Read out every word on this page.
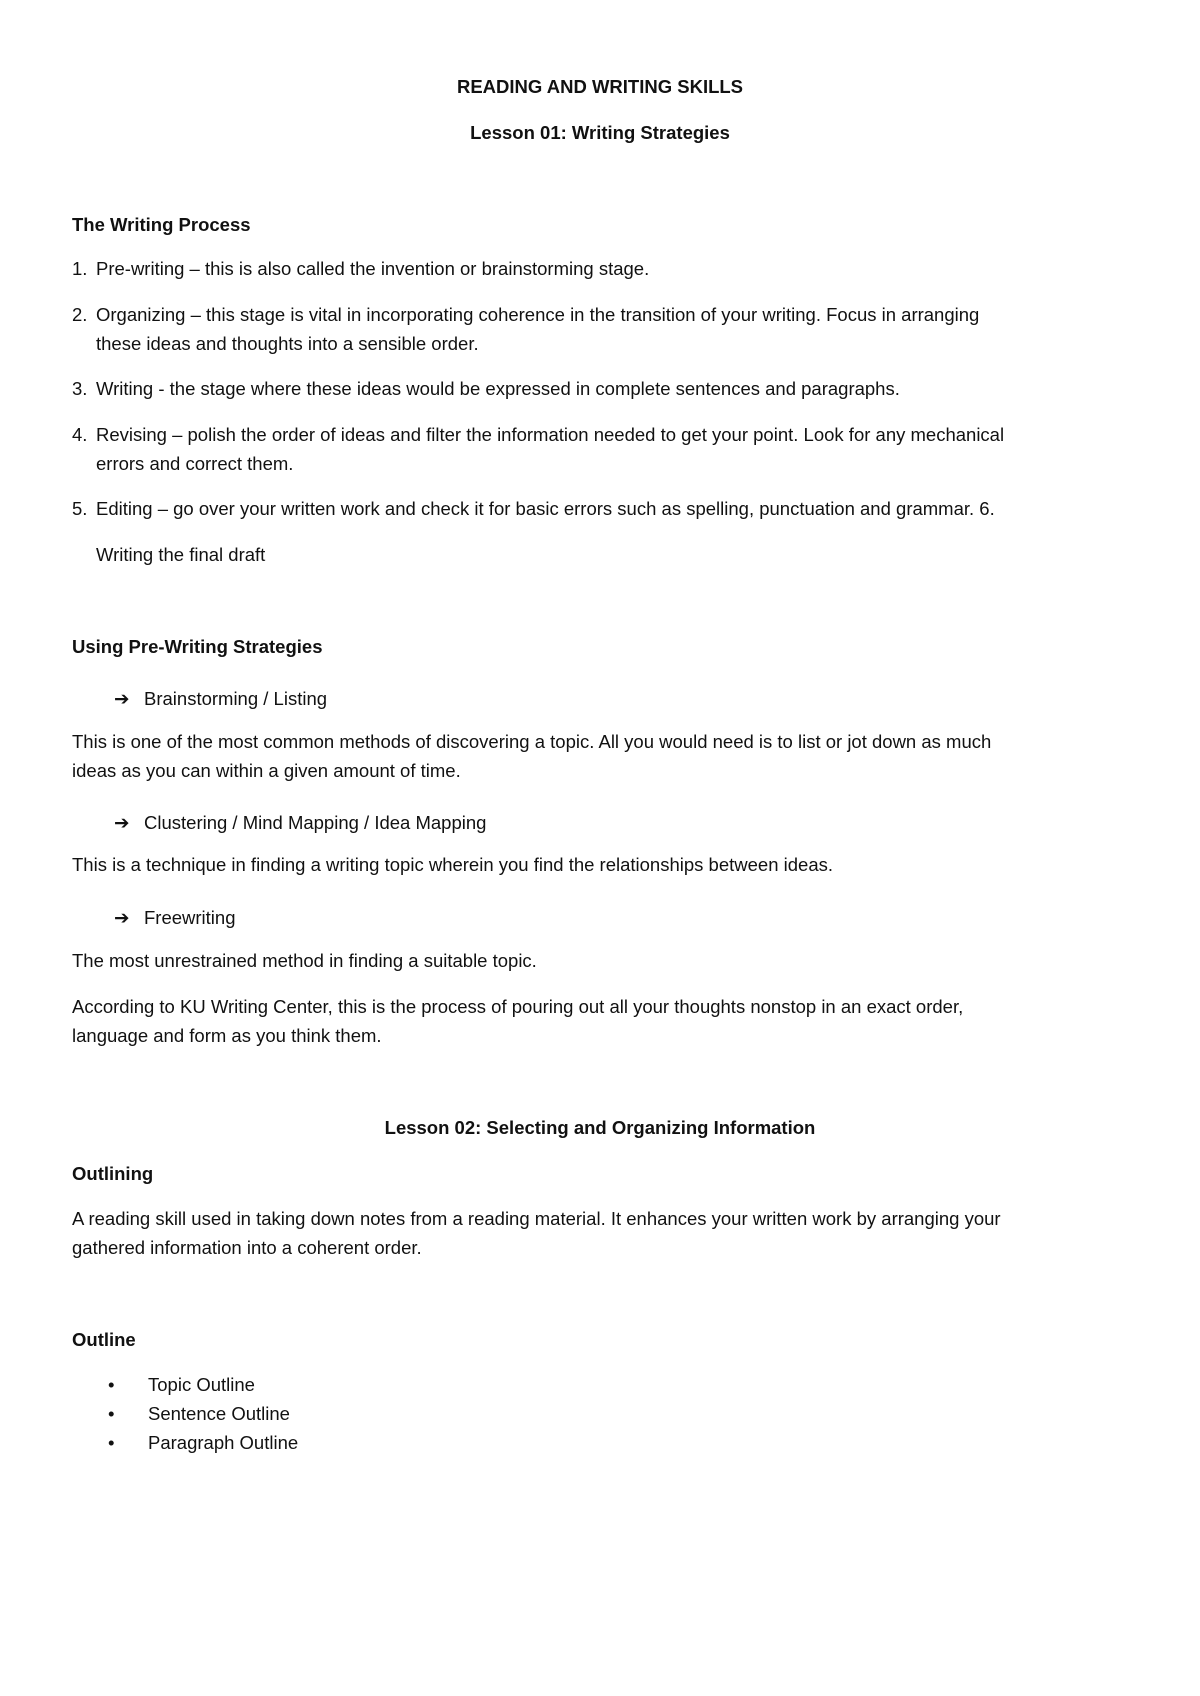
READING AND WRITING SKILLS
Lesson 01: Writing Strategies
The Writing Process
1. Pre-writing – this is also called the invention or brainstorming stage.
2. Organizing – this stage is vital in incorporating coherence in the transition of your writing. Focus in arranging
these ideas and thoughts into a sensible order.
3. Writing - the stage where these ideas would be expressed in complete sentences and paragraphs.
4. Revising – polish the order of ideas and filter the information needed to get your point. Look for any mechanical
errors and correct them.
5. Editing – go over your written work and check it for basic errors such as spelling, punctuation and grammar. 6.
Writing the final draft
Using Pre-Writing Strategies
➔ Brainstorming / Listing
This is one of the most common methods of discovering a topic. All you would need is to list or jot down as much
ideas as you can within a given amount of time.
➔ Clustering / Mind Mapping / Idea Mapping
This is a technique in finding a writing topic wherein you find the relationships between ideas.
➔ Freewriting
The most unrestrained method in finding a suitable topic.
According to KU Writing Center, this is the process of pouring out all your thoughts nonstop in an exact order,
language and form as you think them.
Lesson 02: Selecting and Organizing Information
Outlining
A reading skill used in taking down notes from a reading material. It enhances your written work by arranging your
gathered information into a coherent order.
Outline
• Topic Outline
• Sentence Outline
• Paragraph Outline
